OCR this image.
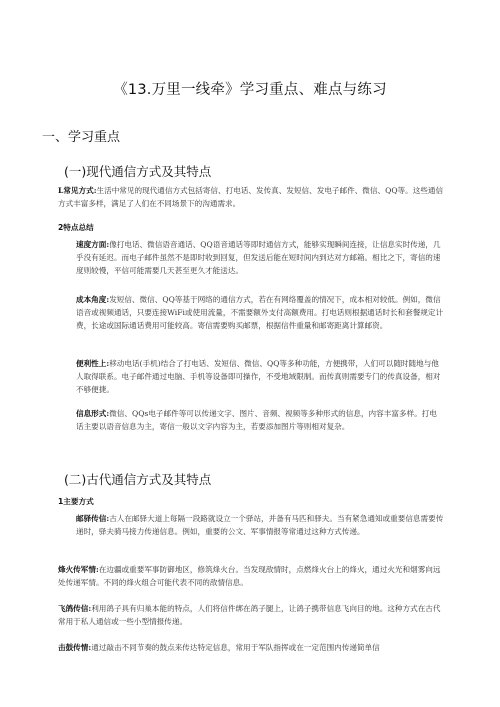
《13.万里一线牵》学习重点、难点与练习
一、学习重点
(一)现代通信方式及其特点
L常见方式:生活中常见的现代通信方式包括寄信、打电话、发传真、发短信、发电子邮件、微信、QQ等。这些通信方式丰富多样，满足了人们在不同场景下的沟通需求。
2特点总结
速度方面:像打电话、微信语音通话、QQ语音通话等即时通信方式，能够实现瞬间连接，让信息实时传递，几乎没有延迟。而电子邮件虽然不是即时收到回复，但发送后能在短时间内到达对方邮箱。相比之下，寄信的速度则较慢，平信可能需要几天甚至更久才能送达。
成本角度:发短信、微信、QQ等基于网络的通信方式，若在有网络覆盖的情况下，成本相对较低。例如，微信语音或视频通话，只要连接WiFi或使用流量，不需要额外支付高额费用。打电话则根据通话时长和套餐规定计费，长途或国际通话费用可能较高。寄信需要购买邮票，根据信件重量和邮寄距离计算邮资。
便利性上:移动电话(手机)结合了打电话、发短信、微信、QQ等多种功能，方便携带，人们可以随时随地与他人取得联系。电子邮件通过电脑、手机等设备即可操作，不受地域限制。而传真则需要专门的传真设备，相对不够便捷。
信息形式:微信、QQs电子邮件等可以传递文字、图片、音频、视频等多种形式的信息，内容丰富多样。打电话主要以语音信息为主，寄信一般以文字内容为主，若要添加图片等则相对复杂。
(二)古代通信方式及其特点
1主要方式
邮驿传信:古人在邮驿大道上每隔一段路就设立一个驿站，并备有马匹和驿夫。当有紧急通知或重要信息需要传递时，驿夫骑马接力传递信息。例如，重要的公文、军事情报等常通过这种方式传递。
烽火传军情:在边疆或重要军事防御地区，修筑烽火台。当发现敌情时，点燃烽火台上的烽火，通过火光和烟雾向远处传递军情。不同的烽火组合可能代表不同的敌情信息。
飞鸽传信:利用鸽子具有归巢本能的特点，人们将信件绑在鸽子腿上，让鸽子携带信息飞向目的地。这种方式在古代常用于私人通信或一些小型情报传递。
击鼓传情:通过敲击不同节奏的鼓点来传达特定信息，常用于军队指挥或在一定范围内传递简单信
